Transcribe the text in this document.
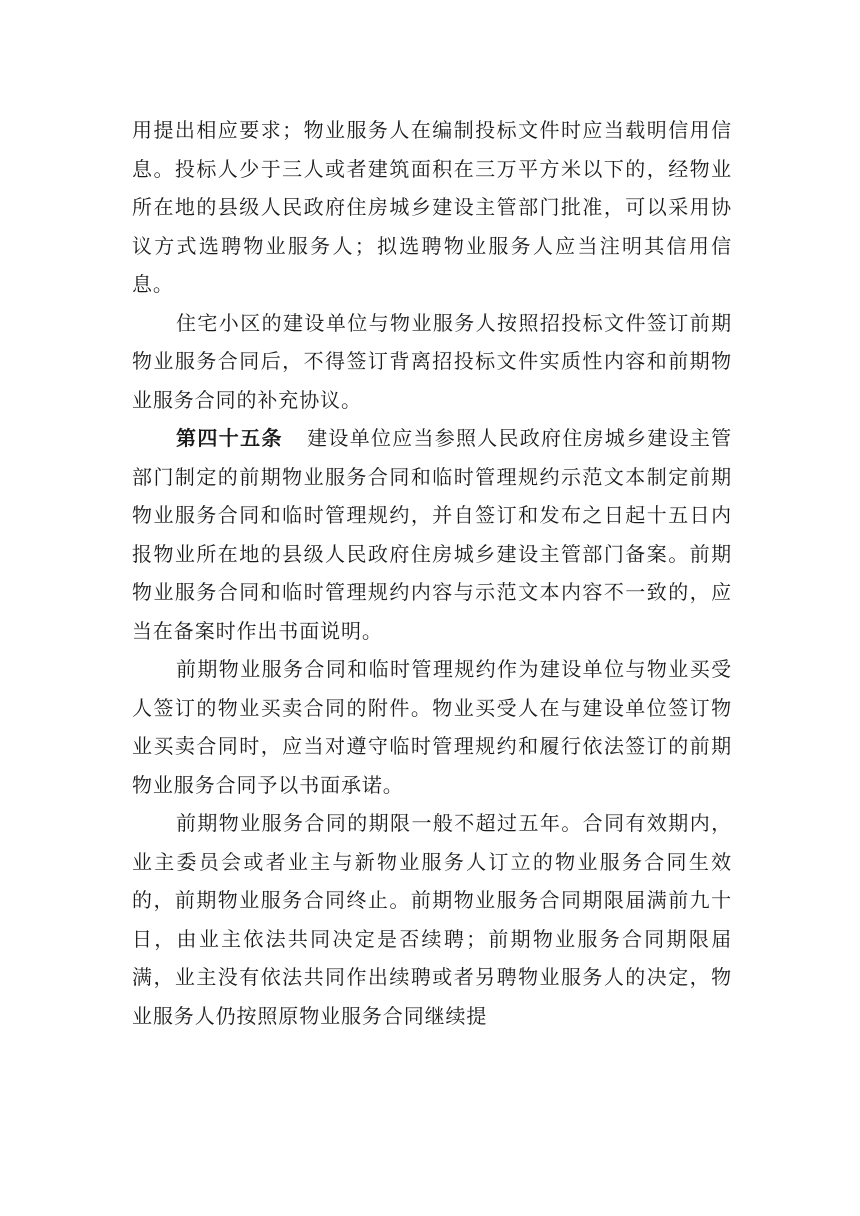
用提出相应要求；物业服务人在编制投标文件时应当载明信用信息。投标人少于三人或者建筑面积在三万平方米以下的，经物业所在地的县级人民政府住房城乡建设主管部门批准，可以采用协议方式选聘物业服务人；拟选聘物业服务人应当注明其信用信息。

住宅小区的建设单位与物业服务人按照招投标文件签订前期物业服务合同后，不得签订背离招投标文件实质性内容和前期物业服务合同的补充协议。

第四十五条 建设单位应当参照人民政府住房城乡建设主管部门制定的前期物业服务合同和临时管理规约示范文本制定前期物业服务合同和临时管理规约，并自签订和发布之日起十五日内报物业所在地的县级人民政府住房城乡建设主管部门备案。前期物业服务合同和临时管理规约内容与示范文本内容不一致的，应当在备案时作出书面说明。

前期物业服务合同和临时管理规约作为建设单位与物业买受人签订的物业买卖合同的附件。物业买受人在与建设单位签订物业买卖合同时，应当对遵守临时管理规约和履行依法签订的前期物业服务合同予以书面承诺。

前期物业服务合同的期限一般不超过五年。合同有效期内，业主委员会或者业主与新物业服务人订立的物业服务合同生效的，前期物业服务合同终止。前期物业服务合同期限届满前九十日，由业主依法共同决定是否续聘；前期物业服务合同期限届满，业主没有依法共同作出续聘或者另聘物业服务人的决定，物业服务人仍按照原物业服务合同继续提
